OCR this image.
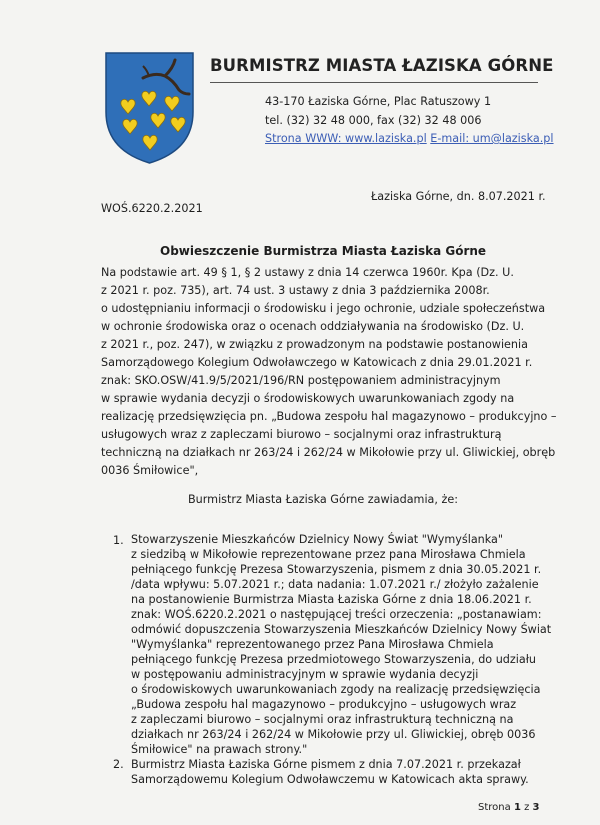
BURMISTRZ MIASTA ŁAZISKA GÓRNE
43-170 Łaziska Górne, Plac Ratuszowy 1
tel. (32) 32 48 000, fax (32) 32 48 006
Strona WWW: www.laziska.pl E-mail: um@laziska.pl
Łaziska Górne, dn. 8.07.2021 r.
WOŚ.6220.2.2021
Obwieszczenie Burmistrza Miasta Łaziska Górne
Na podstawie art. 49 § 1, § 2 ustawy z dnia 14 czerwca 1960r. Kpa (Dz. U.
z 2021 r. poz. 735), art. 74 ust. 3 ustawy z dnia 3 października 2008r.
o udostępnianiu informacji o środowisku i jego ochronie, udziale społeczeństwa
w ochronie środowiska oraz o ocenach oddziaływania na środowisko (Dz. U.
z 2021 r., poz. 247), w związku z prowadzonym na podstawie postanowienia
Samorządowego Kolegium Odwoławczego w Katowicach z dnia 29.01.2021 r.
znak: SKO.OSW/41.9/5/2021/196/RN postępowaniem administracyjnym
w sprawie wydania decyzji o środowiskowych uwarunkowaniach zgody na
realizację przedsięwzięcia pn. „Budowa zespołu hal magazynowo – produkcyjno –
usługowych wraz z zapleczami biurowo – socjalnymi oraz infrastrukturą
techniczną na działkach nr 263/24 i 262/24 w Mikołowie przy ul. Gliwickiej, obręb
0036 Śmiłowice",
Burmistrz Miasta Łaziska Górne zawiadamia, że:
1. Stowarzyszenie Mieszkańców Dzielnicy Nowy Świat "Wymyślanka"
z siedzibą w Mikołowie reprezentowane przez pana Mirosława Chmiela
pełniącego funkcję Prezesa Stowarzyszenia, pismem z dnia 30.05.2021 r.
/data wpływu: 5.07.2021 r.; data nadania: 1.07.2021 r./ złożyło zażalenie
na postanowienie Burmistrza Miasta Łaziska Górne z dnia 18.06.2021 r.
znak: WOŚ.6220.2.2021 o następującej treści orzeczenia: „postanawiam:
odmówić dopuszczenia Stowarzyszenia Mieszkańców Dzielnicy Nowy Świat
"Wymyślanka" reprezentowanego przez Pana Mirosława Chmiela
pełniącego funkcję Prezesa przedmiotowego Stowarzyszenia, do udziału
w postępowaniu administracyjnym w sprawie wydania decyzji
o środowiskowych uwarunkowaniach zgody na realizację przedsięwzięcia
„Budowa zespołu hal magazynowo – produkcyjno – usługowych wraz
z zapleczami biurowo – socjalnymi oraz infrastrukturą techniczną na
działkach nr 263/24 i 262/24 w Mikołowie przy ul. Gliwickiej, obręb 0036
Śmiłowice" na prawach strony."
2. Burmistrz Miasta Łaziska Górne pismem z dnia 7.07.2021 r. przekazał
Samorządowemu Kolegium Odwoławczemu w Katowicach akta sprawy.
Strona 1 z 3
